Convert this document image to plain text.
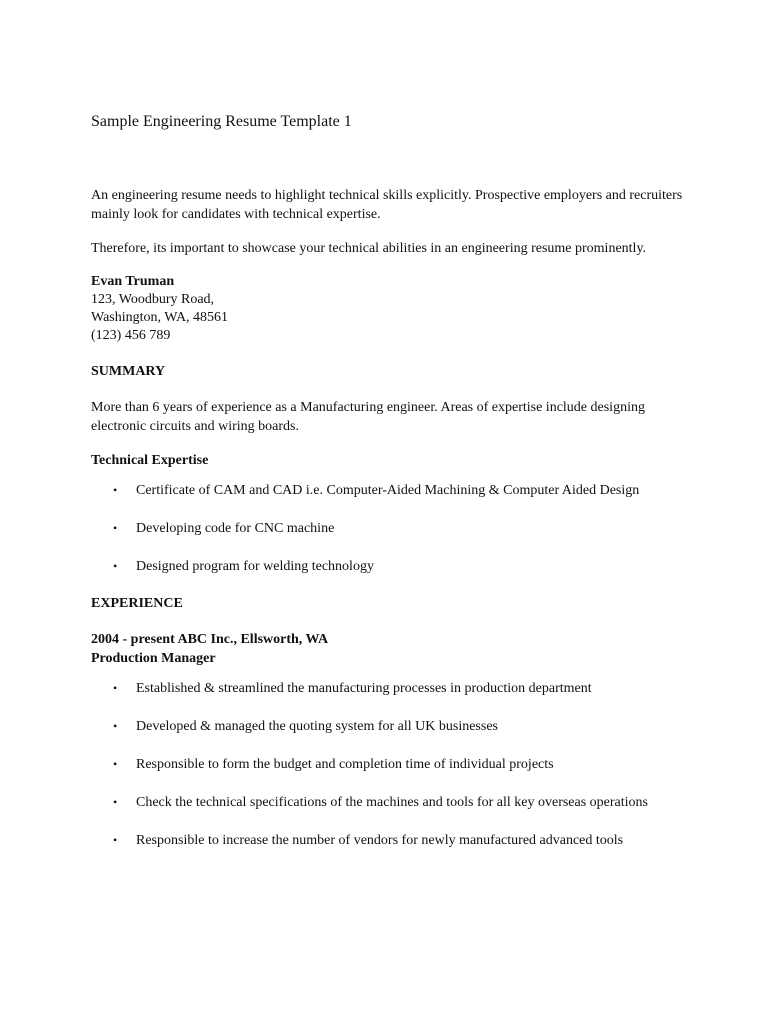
Sample Engineering Resume Template 1

An engineering resume needs to highlight technical skills explicitly. Prospective employers and recruiters mainly look for candidates with technical expertise.

Therefore, its important to showcase your technical abilities in an engineering resume prominently.

Evan Truman
123, Woodbury Road,
Washington, WA, 48561
(123) 456 789
SUMMARY

More than 6 years of experience as a Manufacturing engineer. Areas of expertise include designing electronic circuits and wiring boards.

Technical Expertise
• Certificate of CAM and CAD i.e. Computer-Aided Machining & Computer Aided Design
• Developing code for CNC machine
• Designed program for welding technology
EXPERIENCE
2004 - present ABC Inc., Ellsworth, WA
Production Manager
• Established & streamlined the manufacturing processes in production department
• Developed & managed the quoting system for all UK businesses
• Responsible to form the budget and completion time of individual projects
• Check the technical specifications of the machines and tools for all key overseas operations
• Responsible to increase the number of vendors for newly manufactured advanced tools
